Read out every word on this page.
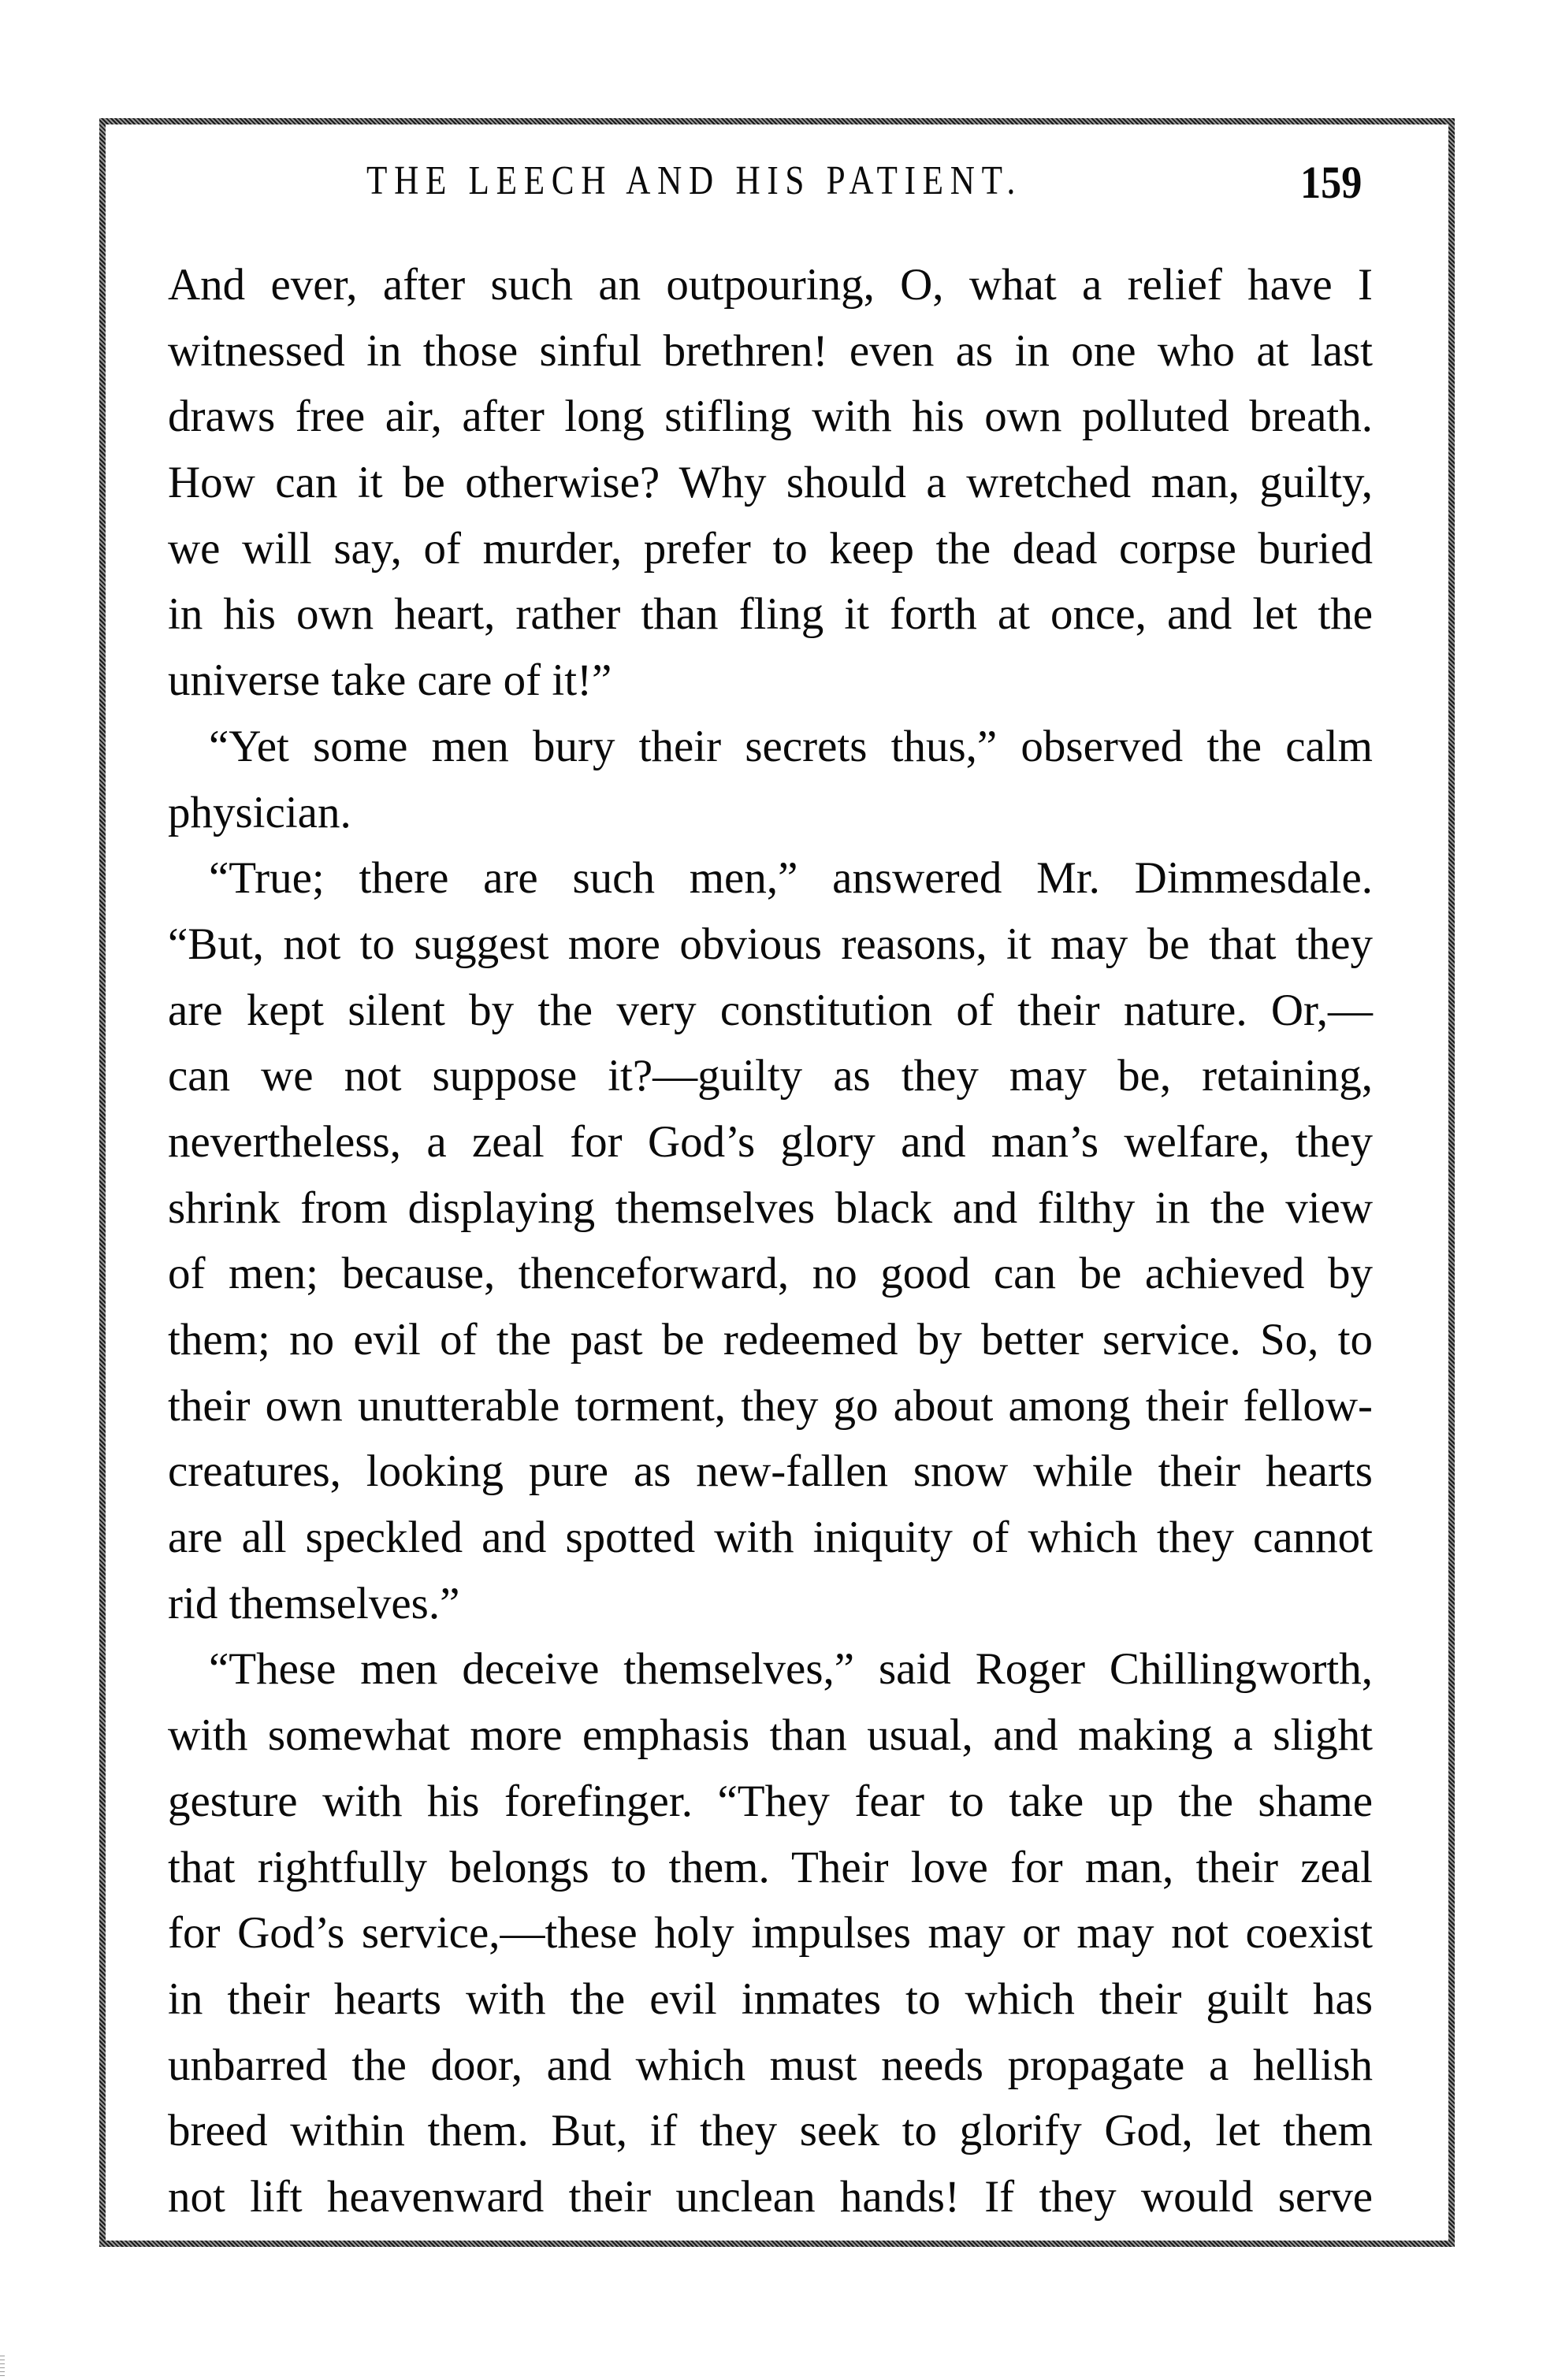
THE LEECH AND HIS PATIENT.	159
And ever, after such an outpouring, O, what a relief have I
witnessed in those sinful brethren! even as in one who at last
draws free air, after long stifling with his own polluted breath.
How can it be otherwise? Why should a wretched man, guilty,
we will say, of murder, prefer to keep the dead corpse buried
in his own heart, rather than fling it forth at once, and let the
universe take care of it!”
“Yet some men bury their secrets thus,” observed the calm
physician.
“True; there are such men,” answered Mr. Dimmesdale.
“But, not to suggest more obvious reasons, it may be that they
are kept silent by the very constitution of their nature. Or,—
can we not suppose it?—guilty as they may be, retaining,
nevertheless, a zeal for God’s glory and man’s welfare, they
shrink from displaying themselves black and filthy in the view
of men; because, thenceforward, no good can be achieved by
them; no evil of the past be redeemed by better service. So, to
their own unutterable torment, they go about among their fellow-
creatures, looking pure as new-fallen snow while their hearts
are all speckled and spotted with iniquity of which they cannot
rid themselves.”
“These men deceive themselves,” said Roger Chillingworth,
with somewhat more emphasis than usual, and making a slight
gesture with his forefinger. “They fear to take up the shame
that rightfully belongs to them. Their love for man, their zeal
for God’s service,—these holy impulses may or may not coexist
in their hearts with the evil inmates to which their guilt has
unbarred the door, and which must needs propagate a hellish
breed within them. But, if they seek to glorify God, let them
not lift heavenward their unclean hands! If they would serve
